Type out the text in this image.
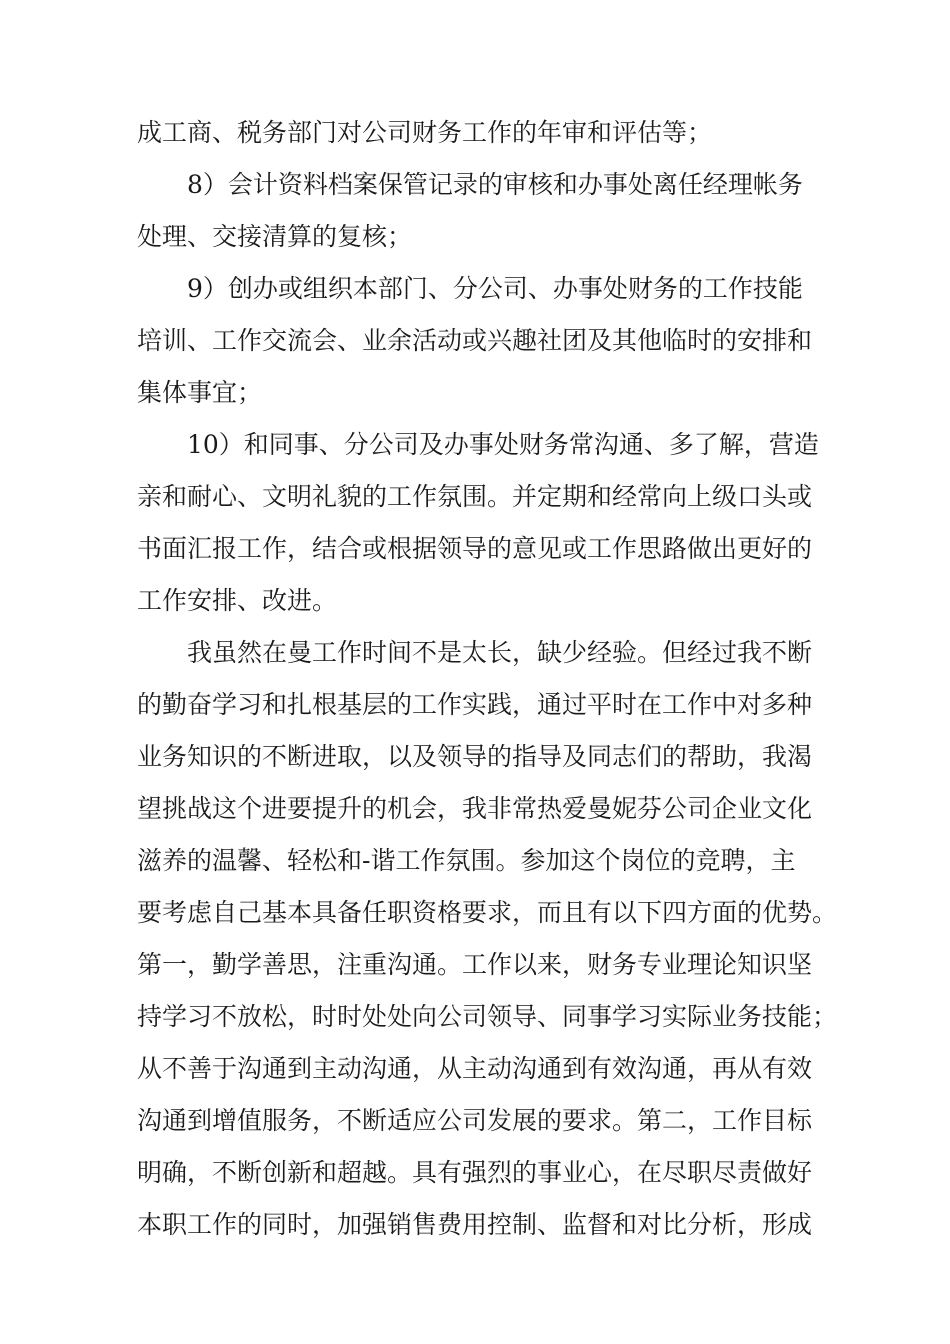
成工商、税务部门对公司财务工作的年审和评估等；
8）会计资料档案保管记录的审核和办事处离任经理帐务
处理、交接清算的复核；
9）创办或组织本部门、分公司、办事处财务的工作技能
培训、工作交流会、业余活动或兴趣社团及其他临时的安排和
集体事宜；
10）和同事、分公司及办事处财务常沟通、多了解，营造
亲和耐心、文明礼貌的工作氛围。并定期和经常向上级口头或
书面汇报工作，结合或根据领导的意见或工作思路做出更好的
工作安排、改进。
我虽然在曼工作时间不是太长，缺少经验。但经过我不断
的勤奋学习和扎根基层的工作实践，通过平时在工作中对多种
业务知识的不断进取，以及领导的指导及同志们的帮助，我渴
望挑战这个进要提升的机会，我非常热爱曼妮芬公司企业文化
滋养的温馨、轻松和-谐工作氛围。参加这个岗位的竞聘，主
要考虑自己基本具备任职资格要求，而且有以下四方面的优势。
第一，勤学善思，注重沟通。工作以来，财务专业理论知识坚
持学习不放松，时时处处向公司领导、同事学习实际业务技能；
从不善于沟通到主动沟通，从主动沟通到有效沟通，再从有效
沟通到增值服务，不断适应公司发展的要求。第二，工作目标
明确，不断创新和超越。具有强烈的事业心，在尽职尽责做好
本职工作的同时，加强销售费用控制、监督和对比分析，形成
